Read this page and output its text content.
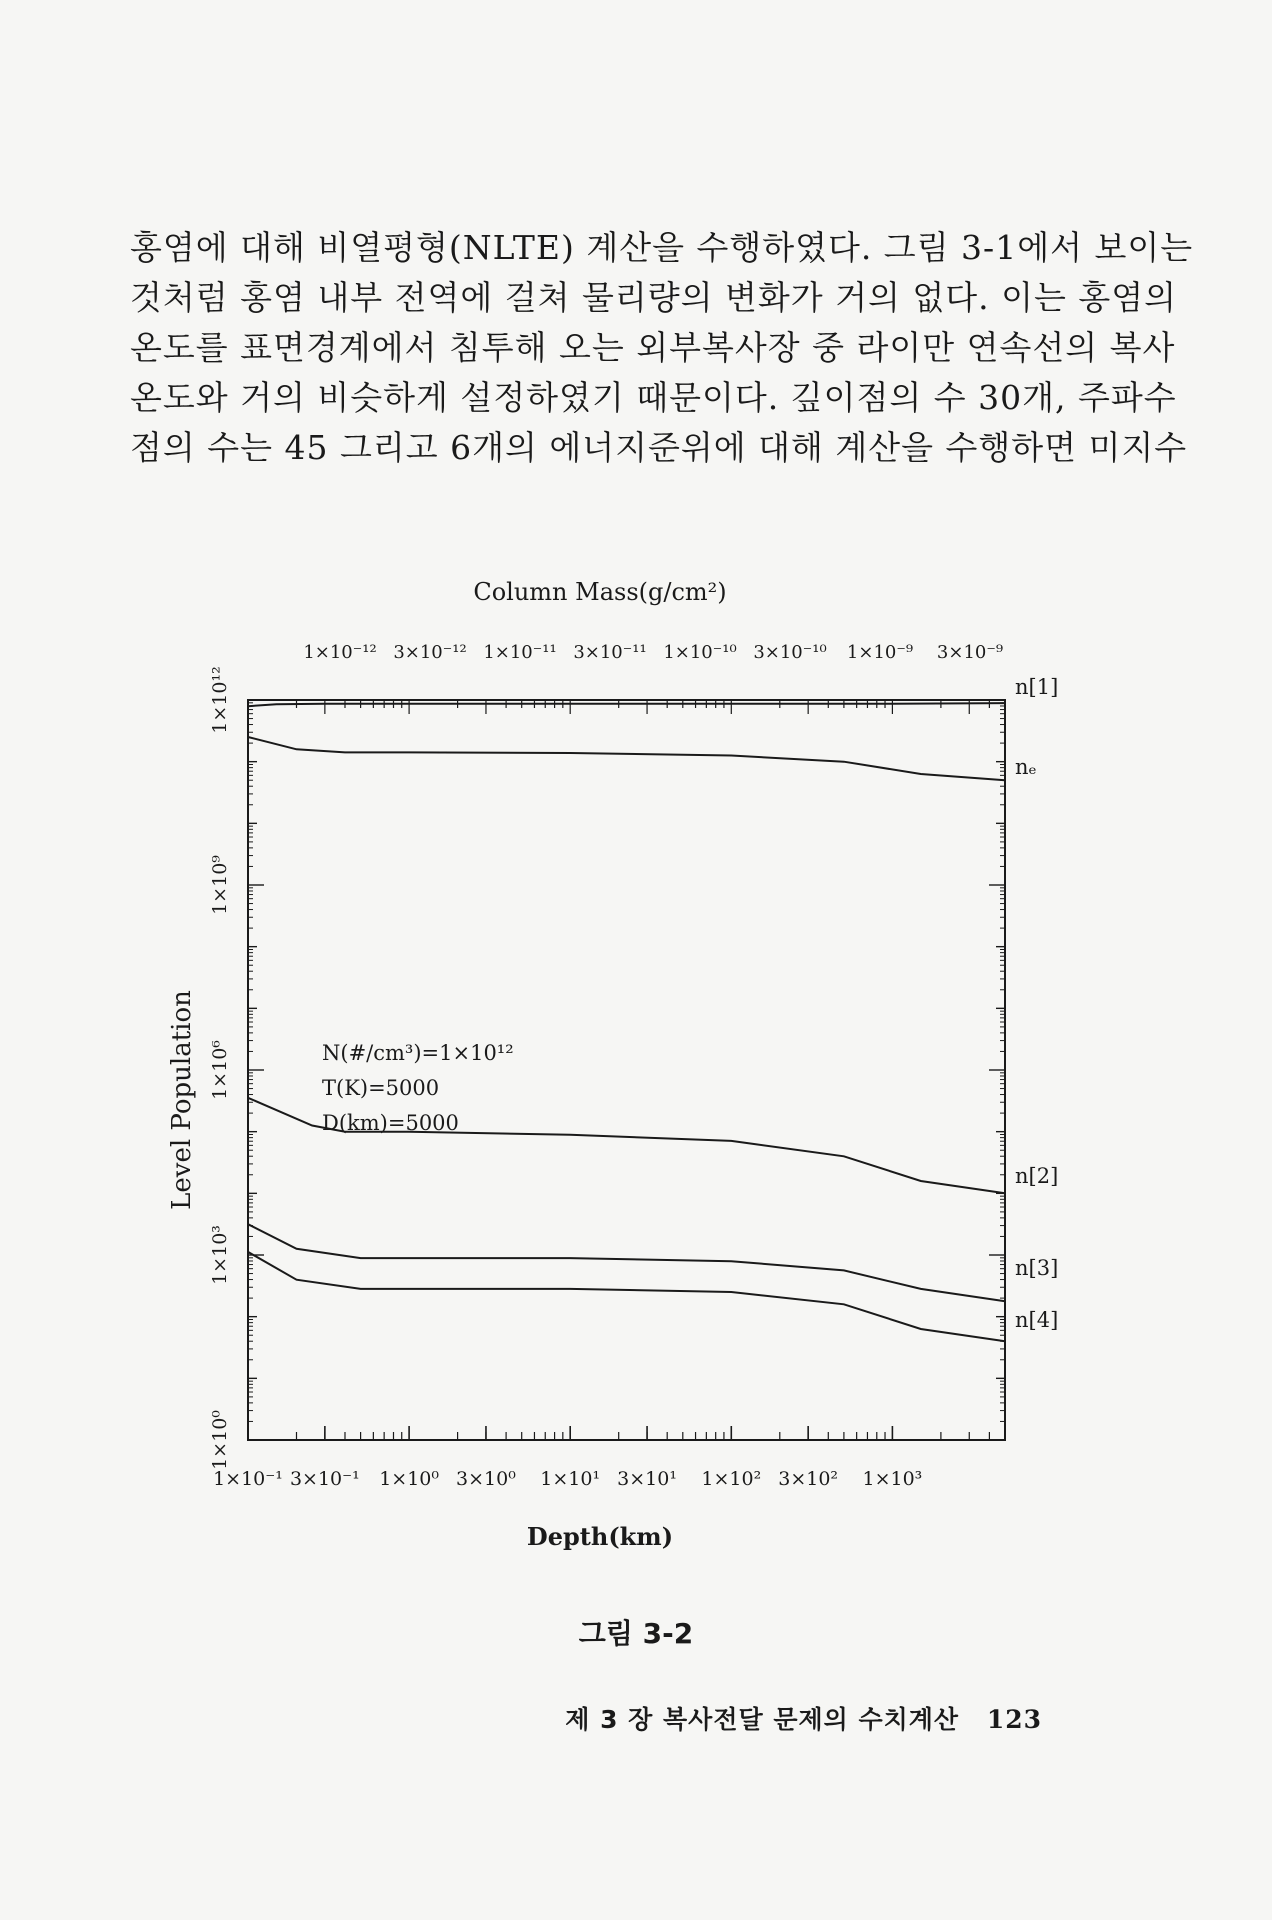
홍염에 대해 비열평형(NLTE) 계산을 수행하였다. 그림 3-1에서 보이는
것처럼 홍염 내부 전역에 걸쳐 물리량의 변화가 거의 없다. 이는 홍염의
온도를 표면경계에서 침투해 오는 외부복사장 중 라이만 연속선의 복사
온도와 거의 비슷하게 설정하였기 때문이다. 깊이점의 수 30개, 주파수
점의 수는 45 그리고 6개의 에너지준위에 대해 계산을 수행하면 미지수
1×10⁻¹ 3×10⁻¹ 1×10⁰ 3×10⁰ 1×10¹ 3×10¹ 1×10² 3×10² 1×10³
1×10⁻¹² 3×10⁻¹² 1×10⁻¹¹ 3×10⁻¹¹ 1×10⁻¹⁰ 3×10⁻¹⁰ 1×10⁻⁹ 3×10⁻⁹
1×10⁰
1×10³
1×10⁶
1×10⁹
1×10¹²	n[1]
nₑ
n[2]
n[3]
n[4]
Column Mass(g/cm²)
Depth(km)
Level Population	N(#/cm³)=1×10¹²
T(K)=5000
D(km)=5000
그림 3-2
제 3 장 복사전달 문제의 수치계산 123
